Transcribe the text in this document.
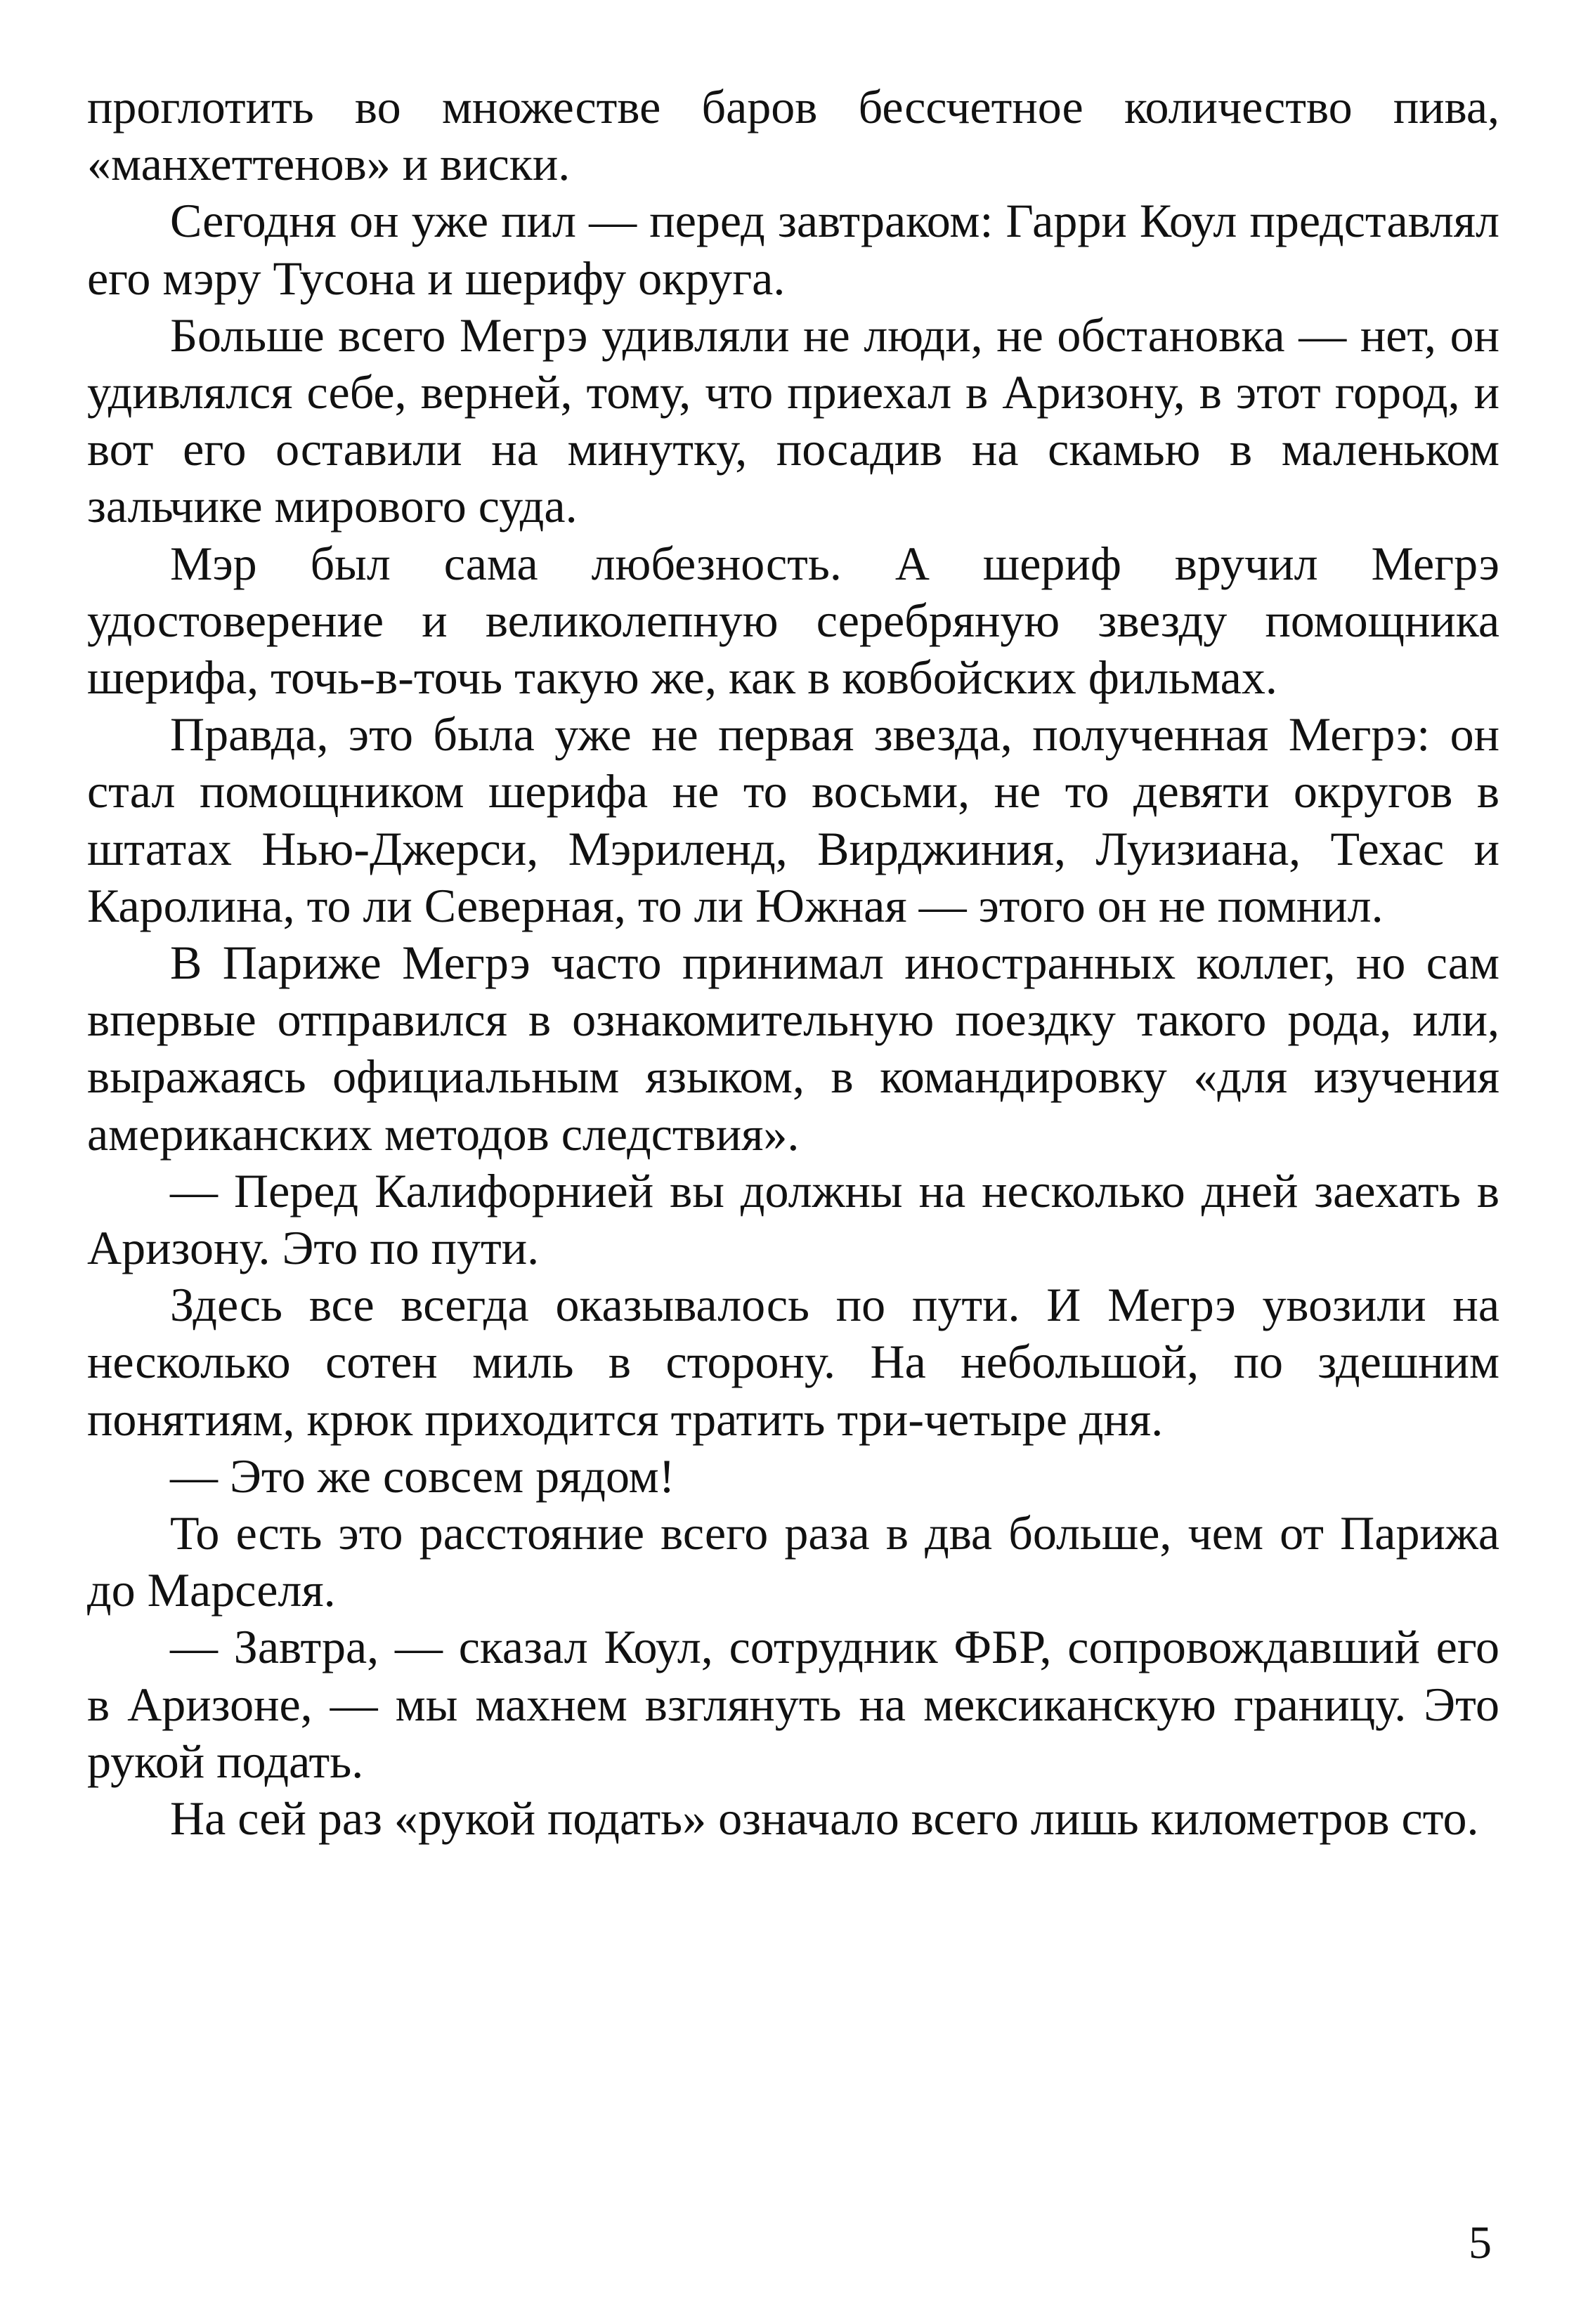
проглотить во множестве баров бессчетное количество пива, «манхеттенов» и виски.

Сегодня он уже пил — перед завтраком: Гарри Коул представлял его мэру Тусона и шерифу округа.

Больше всего Мегрэ удивляли не люди, не обстановка — нет, он удивлялся себе, верней, тому, что приехал в Аризону, в этот город, и вот его оставили на минутку, посадив на скамью в маленьком зальчике мирового суда.

Мэр был сама любезность. А шериф вручил Мегрэ удостоверение и великолепную серебряную звезду помощника шерифа, точь-в-точь такую же, как в ковбойских фильмах.

Правда, это была уже не первая звезда, полученная Мегрэ: он стал помощником шерифа не то восьми, не то девяти округов в штатах Нью-Джерси, Мэриленд, Вирджиния, Луизиана, Техас и Каролина, то ли Северная, то ли Южная — этого он не помнил.

В Париже Мегрэ часто принимал иностранных коллег, но сам впервые отправился в ознакомительную поездку такого рода, или, выражаясь официальным языком, в командировку «для изучения американских методов следствия».

— Перед Калифорнией вы должны на несколько дней заехать в Аризону. Это по пути.

Здесь все всегда оказывалось по пути. И Мегрэ увозили на несколько сотен миль в сторону. На небольшой, по здешним понятиям, крюк приходится тратить три-четыре дня.

— Это же совсем рядом!

То есть это расстояние всего раза в два больше, чем от Парижа до Марселя.

— Завтра, — сказал Коул, сотрудник ФБР, сопровождавший его в Аризоне, — мы махнем взглянуть на мексиканскую границу. Это рукой подать.

На сей раз «рукой подать» означало всего лишь километров сто.

5
